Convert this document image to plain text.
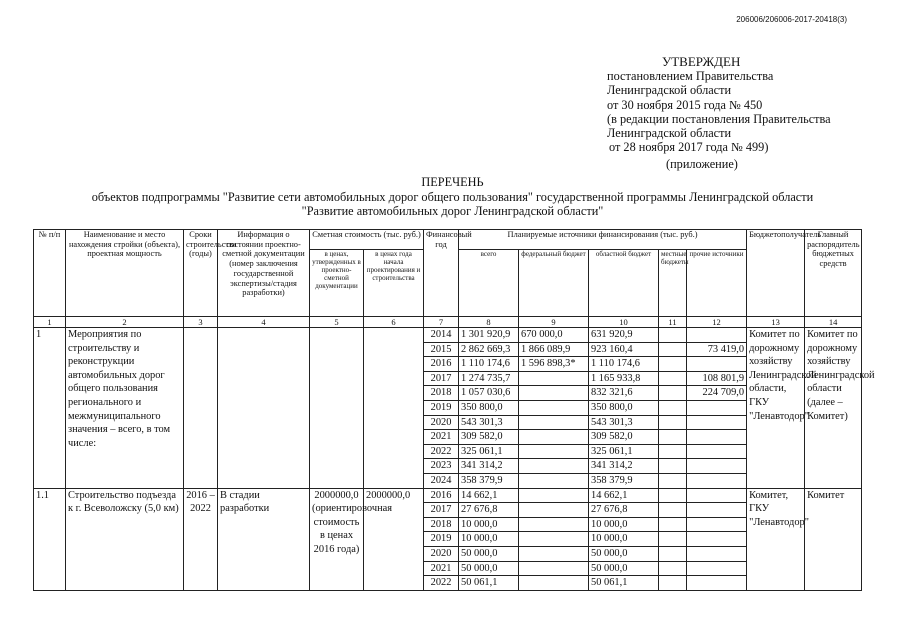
206006/206006-2017-20418(3)
УТВЕРЖДЕН
постановлением Правительства
Ленинградской области
от 30 ноября 2015 года № 450
(в редакции постановления Правительства
Ленинградской области
от 28 ноября 2017 года № 499)
(приложение)
ПЕРЕЧЕНЬ
объектов подпрограммы "Развитие сети автомобильных дорог общего пользования" государственной программы Ленинградской области
"Развитие автомобильных дорог Ленинградской области"
№ п/п	Наименование и место нахождения стройки (объекта), проектная мощность	Сроки строительства (годы)	Информация о состоянии проектно-сметной документации (номер заключения государственной экспертизы/стадия разработки)	Сметная стоимость (тыс. руб.)		Финансовый год	Планируемые источники финансирования (тыс. руб.)					Бюджетополучатель	Главный распорядитель бюджетных средств
				в ценах, утвержденных в проектно-сметной документации	в ценах года начала проектирования и строительства		всего	федеральный бюджет	областной бюджет	местные бюджеты	прочие источники		
1	2	3	4	5	6	7	8	9	10	11	12	13	14
1	Мероприятия по строительству и реконструкции автомобильных дорог общего пользования регионального и межмуниципального значения – всего, в том числе:					2014	1 301 920,9	670 000,0	631 920,9			Комитет по дорожному хозяйству Ленинградской области, ГКУ "Ленавтодор"	Комитет по дорожному хозяйству Ленинградской области (далее – Комитет)
						2015	2 862 669,3	1 866 089,9	923 160,4		73 419,0		
						2016	1 110 174,6	1 596 898,3*	1 110 174,6				
						2017	1 274 735,7		1 165 933,8		108 801,9		
						2018	1 057 030,6		832 321,6		224 709,0		
						2019	350 800,0		350 800,0				
						2020	543 301,3		543 301,3				
						2021	309 582,0		309 582,0				
						2022	325 061,1		325 061,1				
						2023	341 314,2		341 314,2				
						2024	358 379,9		358 379,9				
1.1	Строительство подъезда к г. Всеволожску (5,0 км)	2016 – 2022	В стадии разработки	2000000,0 (ориентировочная стоимость в ценах 2016 года)	2000000,0	2016	14 662,1		14 662,1			Комитет, ГКУ "Ленавтодор"	Комитет
						2017	27 676,8		27 676,8				
						2018	10 000,0		10 000,0				
						2019	10 000,0		10 000,0				
						2020	50 000,0		50 000,0				
						2021	50 000,0		50 000,0				
						2022	50 061,1		50 061,1				
